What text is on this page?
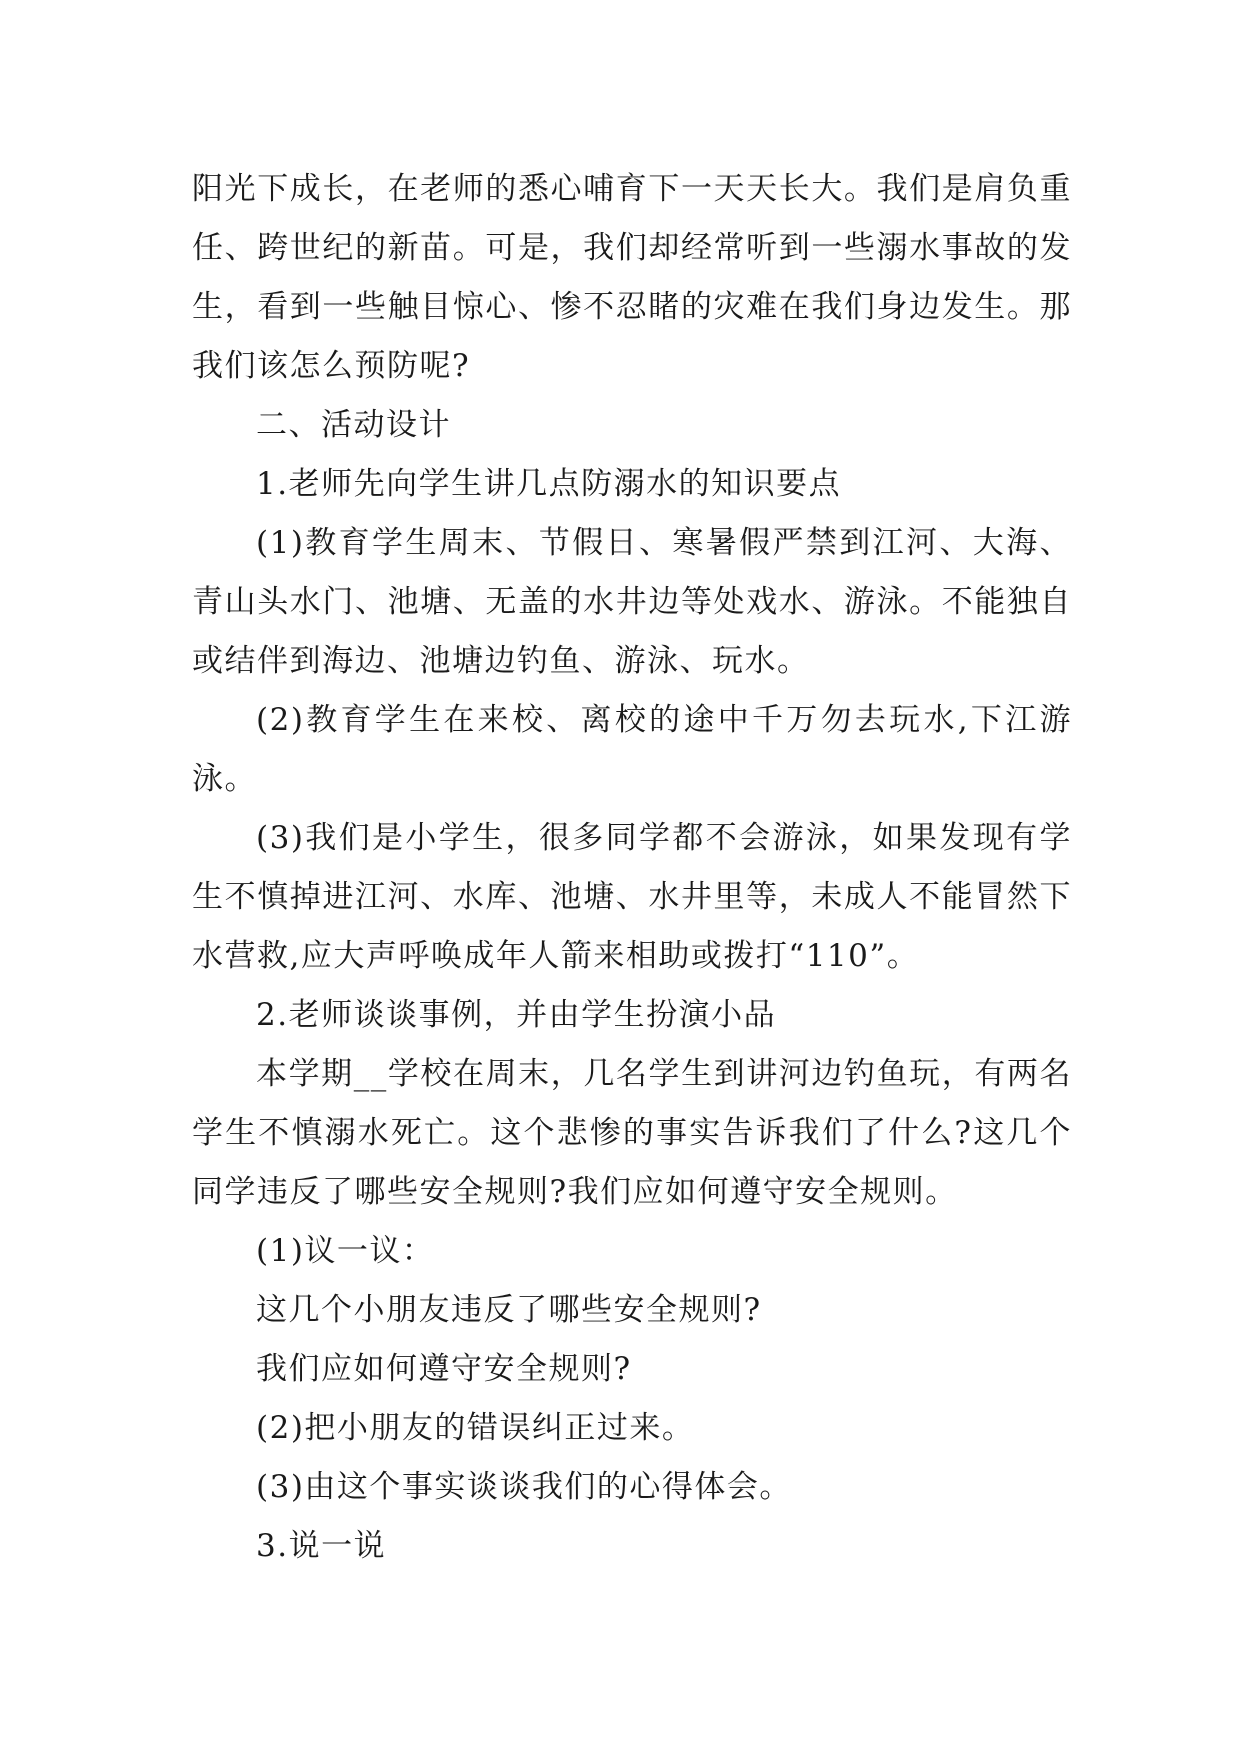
阳光下成长，在老师的悉心哺育下一天天长大。我们是肩负重任、跨世纪的新苗。可是，我们却经常听到一些溺水事故的发生，看到一些触目惊心、惨不忍睹的灾难在我们身边发生。那我们该怎么预防呢?

二、活动设计

1.老师先向学生讲几点防溺水的知识要点

(1)教育学生周末、节假日、寒暑假严禁到江河、大海、青山头水门、池塘、无盖的水井边等处戏水、游泳。不能独自或结伴到海边、池塘边钓鱼、游泳、玩水。

(2)教育学生在来校、离校的途中千万勿去玩水,下江游泳。

(3)我们是小学生，很多同学都不会游泳，如果发现有学生不慎掉进江河、水库、池塘、水井里等，未成人不能冒然下水营救,应大声呼唤成年人箭来相助或拨打“110”。

2.老师谈谈事例，并由学生扮演小品

本学期__学校在周末，几名学生到讲河边钓鱼玩，有两名学生不慎溺水死亡。这个悲惨的事实告诉我们了什么?这几个同学违反了哪些安全规则?我们应如何遵守安全规则。

(1)议一议：

这几个小朋友违反了哪些安全规则?

我们应如何遵守安全规则?

(2)把小朋友的错误纠正过来。

(3)由这个事实谈谈我们的心得体会。

3.说一说
